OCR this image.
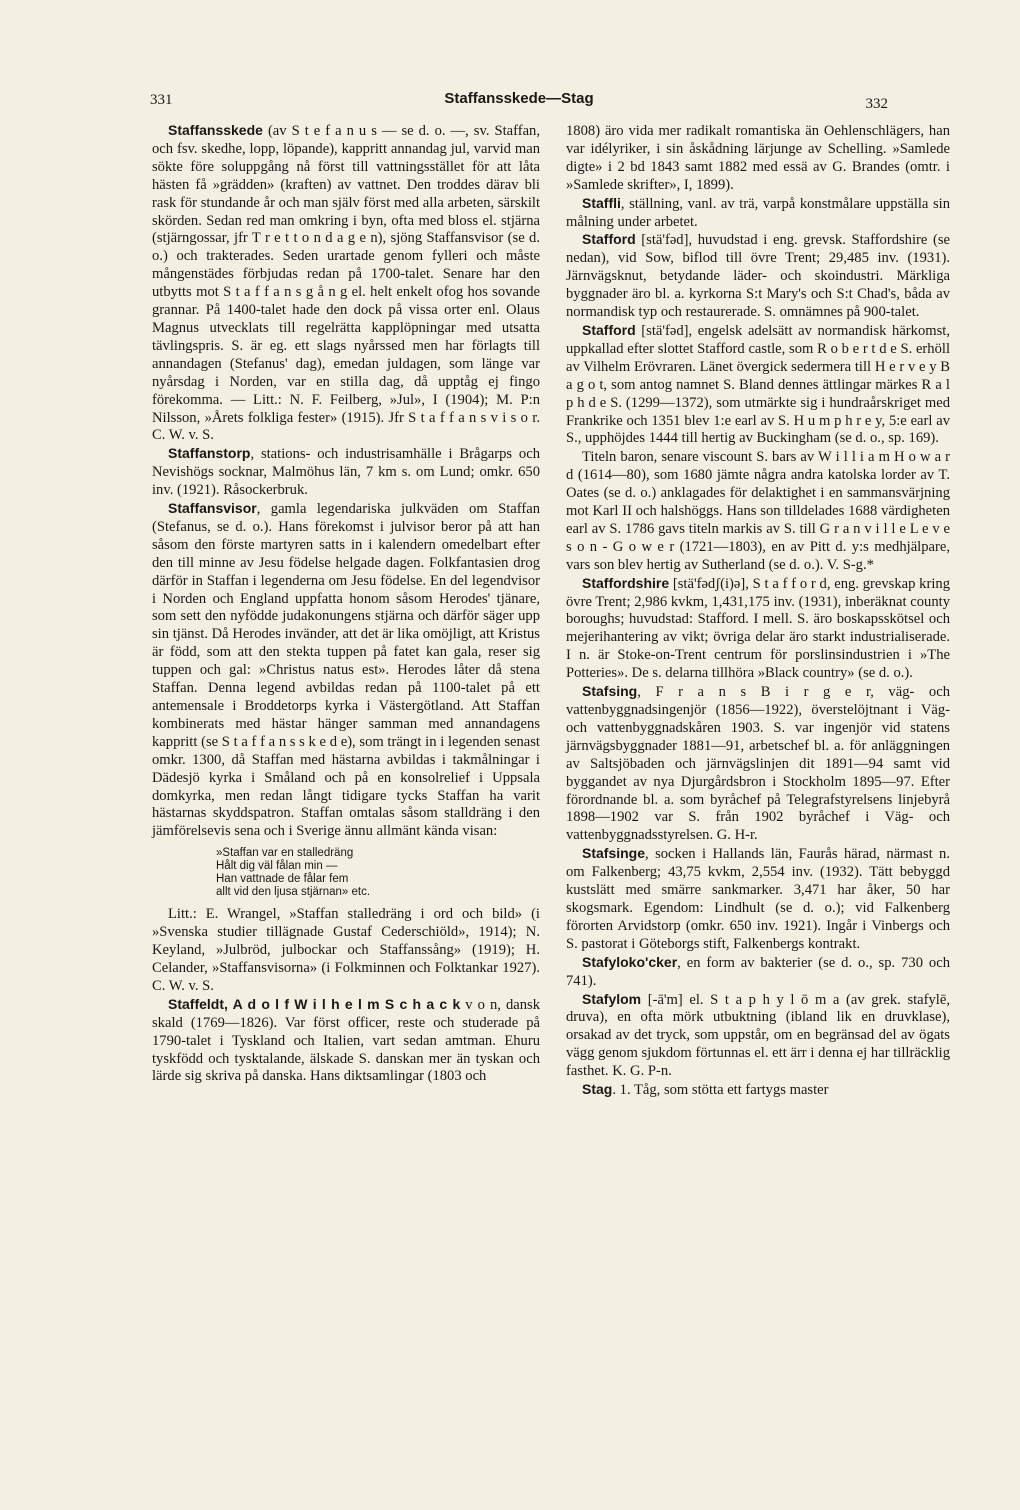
331	Staffansskede—Stag	332

Staffansskede (av S t e f a n u s — se d. o. —, sv. Staffan, och fsv. skedhe, lopp, löpande), kappritt annandag jul, varvid man sökte före soluppgång nå först till vattningsstället för att låta hästen få »grädden» (kraften) av vattnet. Den troddes därav bli rask för stundande år och man själv först med alla arbeten, särskilt skörden. Sedan red man omkring i byn, ofta med bloss el. stjärna (stjärngossar, jfr T r e t t o n d a g e n), sjöng Staffansvisor (se d. o.) och trakterades. Seden urartade genom fylleri och måste mångenstädes förbjudas redan på 1700-talet. Senare har den utbytts mot S t a f f a n s g å n g el. helt enkelt ofog hos sovande grannar. På 1400-talet hade den dock på vissa orter enl. Olaus Magnus utvecklats till regelrätta kapplöpningar med utsatta tävlingspris. S. är eg. ett slags nyårssed men har förlagts till annandagen (Stefanus' dag), emedan juldagen, som länge var nyårsdag i Norden, var en stilla dag, då upptåg ej fingo förekomma. — Litt.: N. F. Feilberg, »Jul», I (1904); M. P:n Nilsson, »Årets folkliga fester» (1915). Jfr S t a f f a n s v i s o r. C. W. v. S.

Staffanstorp, stations- och industrisamhälle i Brågarps och Nevishögs socknar, Malmöhus län, 7 km s. om Lund; omkr. 650 inv. (1921). Råsockerbruk.

Staffansvisor, gamla legendariska julkväden om Staffan (Stefanus, se d. o.). Hans förekomst i julvisor beror på att han såsom den förste martyren satts in i kalendern omedelbart efter den till minne av Jesu födelse helgade dagen. Folkfantasien drog därför in Staffan i legenderna om Jesu födelse. En del legendvisor i Norden och England uppfatta honom såsom Herodes' tjänare, som sett den nyfödde judakonungens stjärna och därför säger upp sin tjänst. Då Herodes invänder, att det är lika omöjligt, att Kristus är född, som att den stekta tuppen på fatet kan gala, reser sig tuppen och gal: »Christus natus est». Herodes låter då stena Staffan. Denna legend avbildas redan på 1100-talet på ett antemensale i Broddetorps kyrka i Västergötland. Att Staffan kombinerats med hästar hänger samman med annandagens kappritt (se S t a f f a n s s k e d e), som trängt in i legenden senast omkr. 1300, då Staffan med hästarna avbildas i takmålningar i Dädesjö kyrka i Småland och på en konsolrelief i Uppsala domkyrka, men redan långt tidigare tycks Staffan ha varit hästarnas skyddspatron. Staffan omtalas såsom stalldräng i den jämförelsevis sena och i Sverige ännu allmänt kända visan:

»Staffan var en stalledräng
Hålt dig väl fålan min —
Han vattnade de fålar fem
allt vid den ljusa stjärnan» etc.

Litt.: E. Wrangel, »Staffan stalledräng i ord och bild» (i »Svenska studier tillägnade Gustaf Cederschiöld», 1914); N. Keyland, »Julbröd, julbockar och Staffanssång» (1919); H. Celander, »Staffansvisorna» (i Folkminnen och Folktankar 1927). C. W. v. S.

Staffeldt, A d o l f W i l h e l m S c h a c k v o n, dansk skald (1769—1826). Var först officer, reste och studerade på 1790-talet i Tyskland och Italien, vart sedan amtman. Ehuru tyskfödd och tysktalande, älskade S. danskan mer än tyskan och lärde sig skriva på danska. Hans diktsamlingar (1803 och

1808) äro vida mer radikalt romantiska än Oehlenschlägers, han var idélyriker, i sin åskådning lärjunge av Schelling. »Samlede digte» i 2 bd 1843 samt 1882 med essä av G. Brandes (omtr. i »Samlede skrifter», I, 1899).

Staffli, ställning, vanl. av trä, varpå konstmålare uppställa sin målning under arbetet.

Stafford [stä'fəd], huvudstad i eng. grevsk. Staffordshire (se nedan), vid Sow, biflod till övre Trent; 29,485 inv. (1931). Järnvägsknut, betydande läder- och skoindustri. Märkliga byggnader äro bl. a. kyrkorna S:t Mary's och S:t Chad's, båda av normandisk typ och restaurerade. S. omnämnes på 900-talet.

Stafford [stä'fəd], engelsk adelsätt av normandisk härkomst, uppkallad efter slottet Stafford castle, som R o b e r t d e S. erhöll av Vilhelm Erövraren. Länet övergick sedermera till H e r v e y B a g o t, som antog namnet S. Bland dennes ättlingar märkes R a l p h d e S. (1299—1372), som utmärkte sig i hundraårskriget med Frankrike och 1351 blev 1:e earl av S. H u m p h r e y, 5:e earl av S., upphöjdes 1444 till hertig av Buckingham (se d. o., sp. 169).

Titeln baron, senare viscount S. bars av W i l l i a m H o w a r d (1614—80), som 1680 jämte några andra katolska lorder av T. Oates (se d. o.) anklagades för delaktighet i en sammansvärjning mot Karl II och halshöggs. Hans son tilldelades 1688 värdigheten earl av S. 1786 gavs titeln markis av S. till G r a n v i l l e L e v e s o n - G o w e r (1721—1803), en av Pitt d. y:s medhjälpare, vars son blev hertig av Sutherland (se d. o.). V. S-g.*

Staffordshire [stä'fədʃ(i)ə], S t a f f o r d, eng. grevskap kring övre Trent; 2,986 kvkm, 1,431,175 inv. (1931), inberäknat county boroughs; huvudstad: Stafford. I mell. S. äro boskapsskötsel och mejerihantering av vikt; övriga delar äro starkt industrialiserade. I n. är Stoke-on-Trent centrum för porslinsindustrien i »The Potteries». De s. delarna tillhöra »Black country» (se d. o.).

Stafsing, F r a n s B i r g e r, väg- och vattenbyggnadsingenjör (1856—1922), överstelöjtnant i Väg- och vattenbyggnadskåren 1903. S. var ingenjör vid statens järnvägsbyggnader 1881—91, arbetschef bl. a. för anläggningen av Saltsjöbaden och järnvägslinjen dit 1891—94 samt vid byggandet av nya Djurgårdsbron i Stockholm 1895—97. Efter förordnande bl. a. som byråchef på Telegrafstyrelsens linjebyrå 1898—1902 var S. från 1902 byråchef i Väg- och vattenbyggnadsstyrelsen. G. H-r.

Stafsinge, socken i Hallands län, Faurås härad, närmast n. om Falkenberg; 43,75 kvkm, 2,554 inv. (1932). Tätt bebyggd kustslätt med smärre sankmarker. 3,471 har åker, 50 har skogsmark. Egendom: Lindhult (se d. o.); vid Falkenberg förorten Arvidstorp (omkr. 650 inv. 1921). Ingår i Vinbergs och S. pastorat i Göteborgs stift, Falkenbergs kontrakt.

Stafyloko'cker, en form av bakterier (se d. o., sp. 730 och 741).

Stafylom [-ā'm] el. S t a p h y l ō m a (av grek. stafylē, druva), en ofta mörk utbuktning (ibland lik en druvklase), orsakad av det tryck, som uppstår, om en begränsad del av ögats vägg genom sjukdom förtunnas el. ett ärr i denna ej har tillräcklig fasthet. K. G. P-n.

Stag. 1. Tåg, som stötta ett fartygs master
